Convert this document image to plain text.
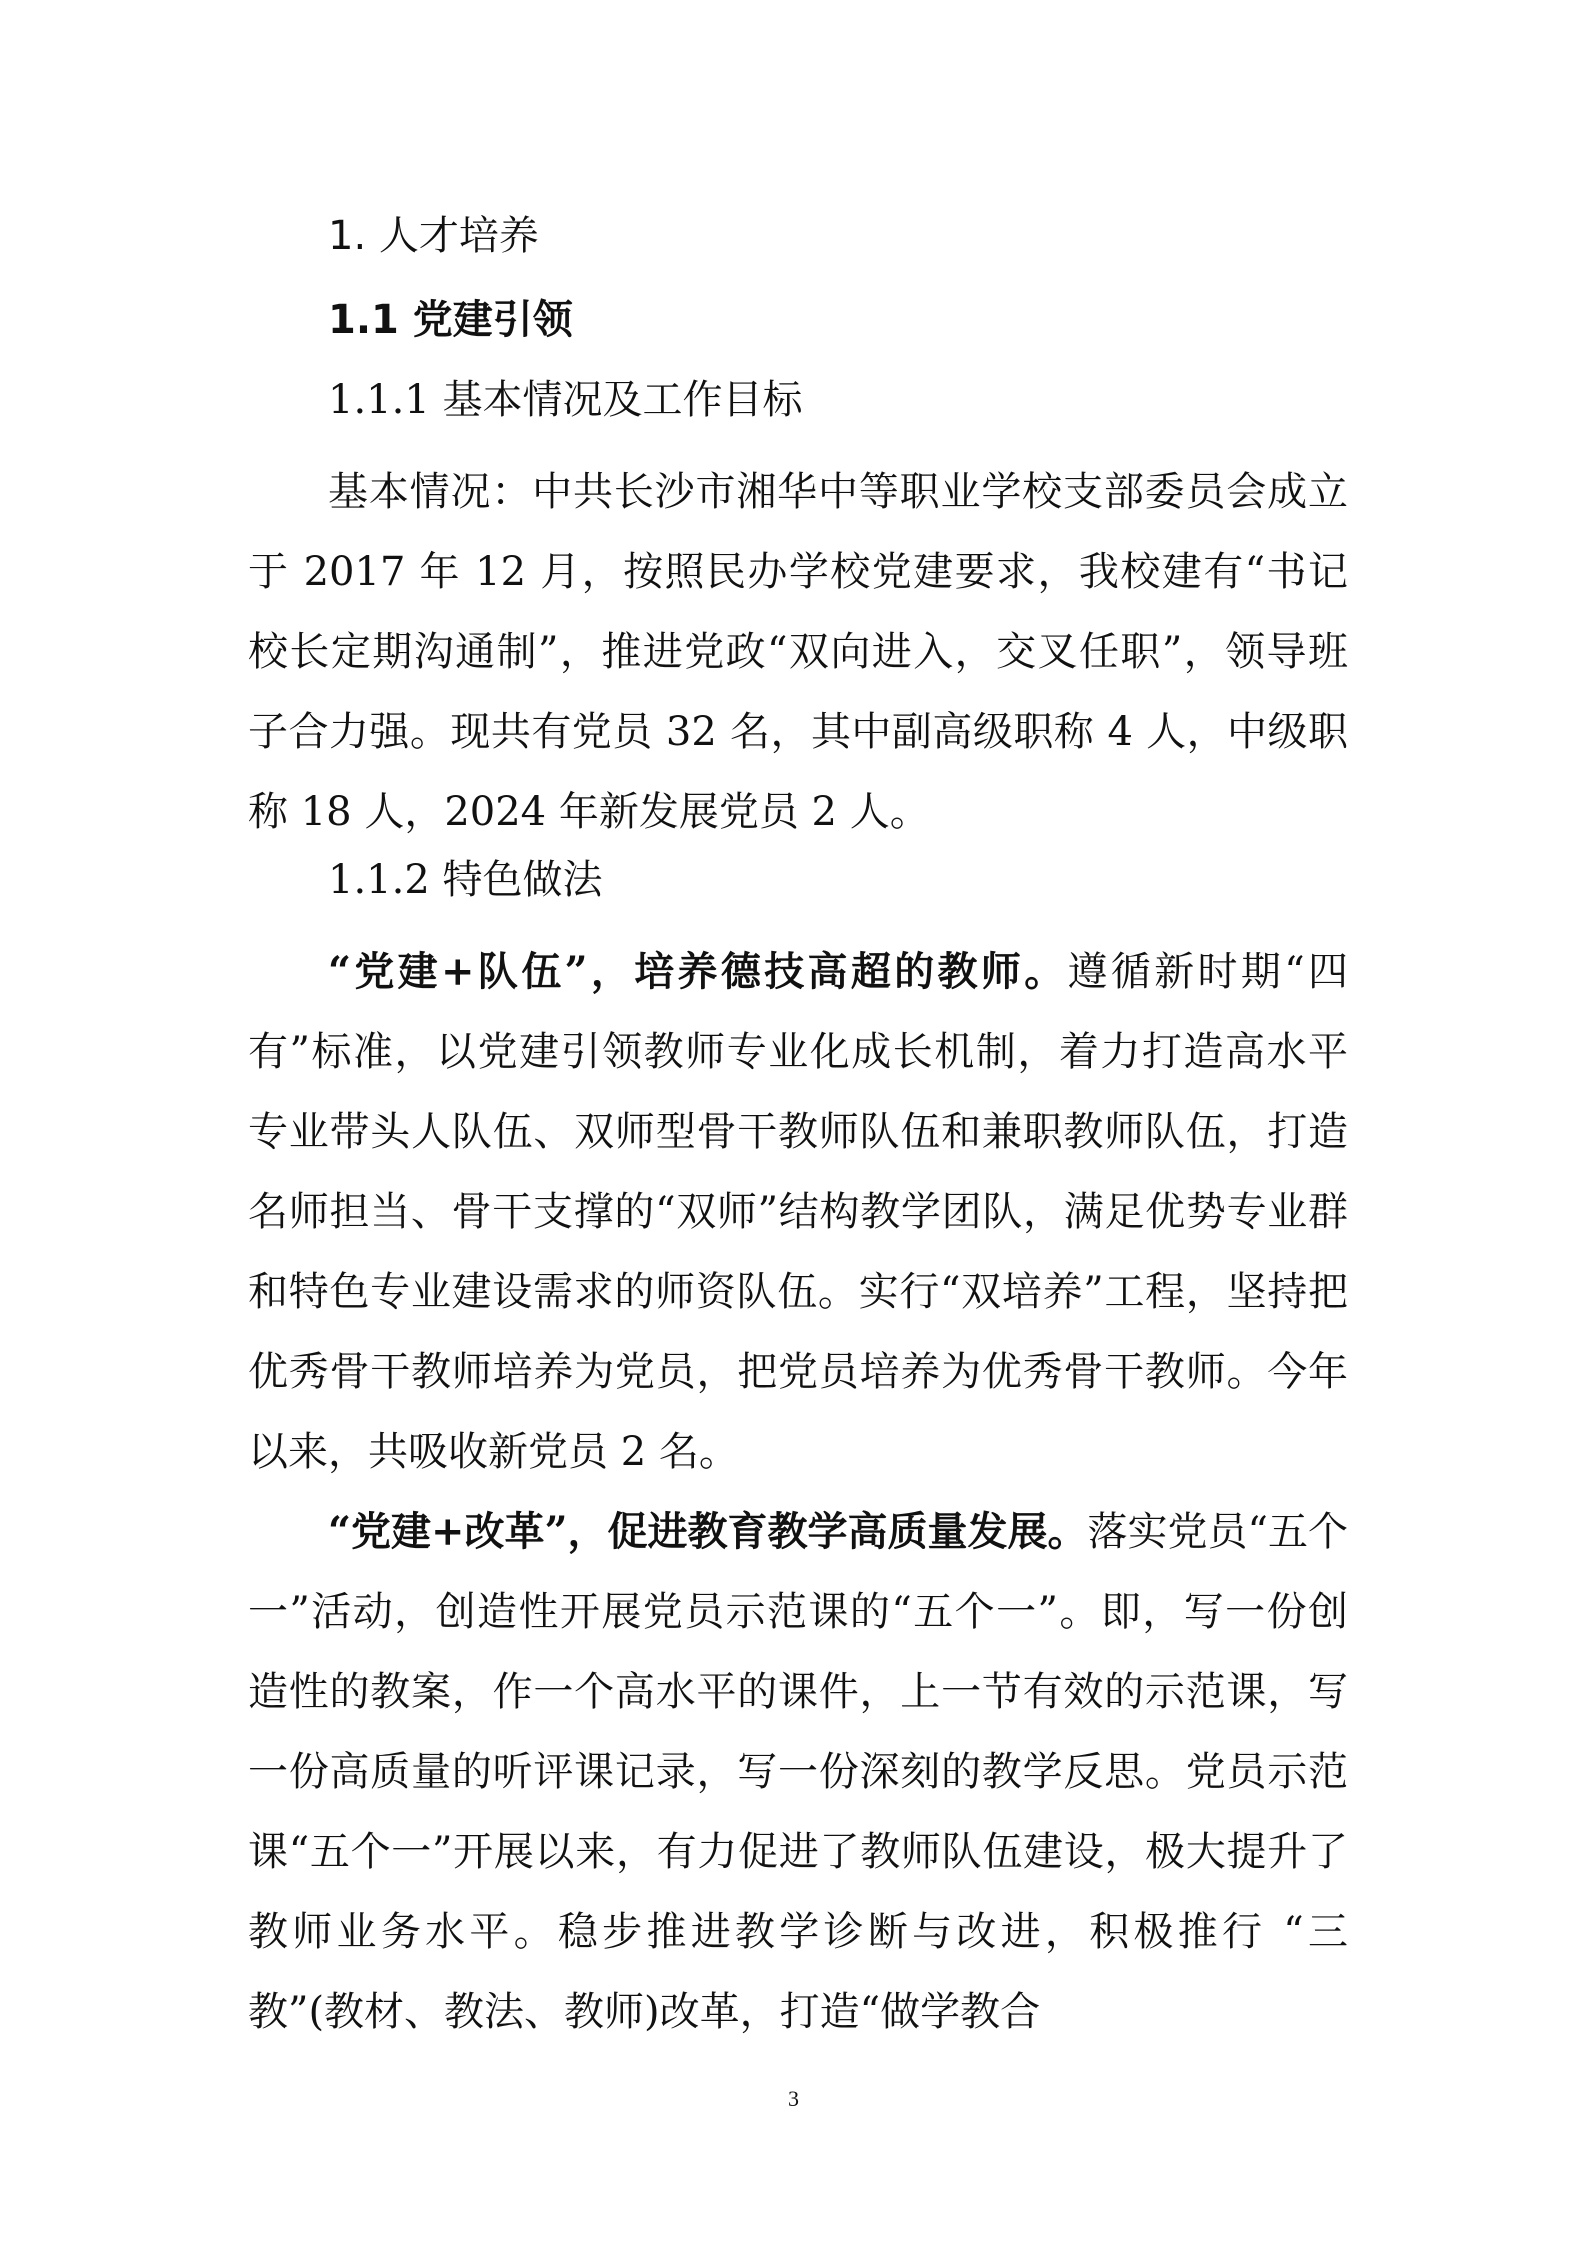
1. 人才培养
1.1 党建引领
1.1.1 基本情况及工作目标

基本情况：中共长沙市湘华中等职业学校支部委员会成立于 2017 年 12 月，按照民办学校党建要求，我校建有“书记校长定期沟通制”，推进党政“双向进入，交叉任职”，领导班子合力强。现共有党员 32 名，其中副高级职称 4 人，中级职称 18 人，2024 年新发展党员 2 人。

1.1.2 特色做法

“党建+队伍”，培养德技高超的教师。遵循新时期“四有”标准，以党建引领教师专业化成长机制，着力打造高水平专业带头人队伍、双师型骨干教师队伍和兼职教师队伍，打造名师担当、骨干支撑的“双师”结构教学团队，满足优势专业群和特色专业建设需求的师资队伍。实行“双培养”工程，坚持把优秀骨干教师培养为党员，把党员培养为优秀骨干教师。今年以来，共吸收新党员 2 名。

“党建+改革”，促进教育教学高质量发展。落实党员“五个一”活动，创造性开展党员示范课的“五个一”。即，写一份创造性的教案，作一个高水平的课件，上一节有效的示范课，写一份高质量的听评课记录，写一份深刻的教学反思。党员示范课“五个一”开展以来，有力促进了教师队伍建设，极大提升了教师业务水平。稳步推进教学诊断与改进，积极推行 “三教”(教材、教法、教师)改革，打造“做学教合

3
